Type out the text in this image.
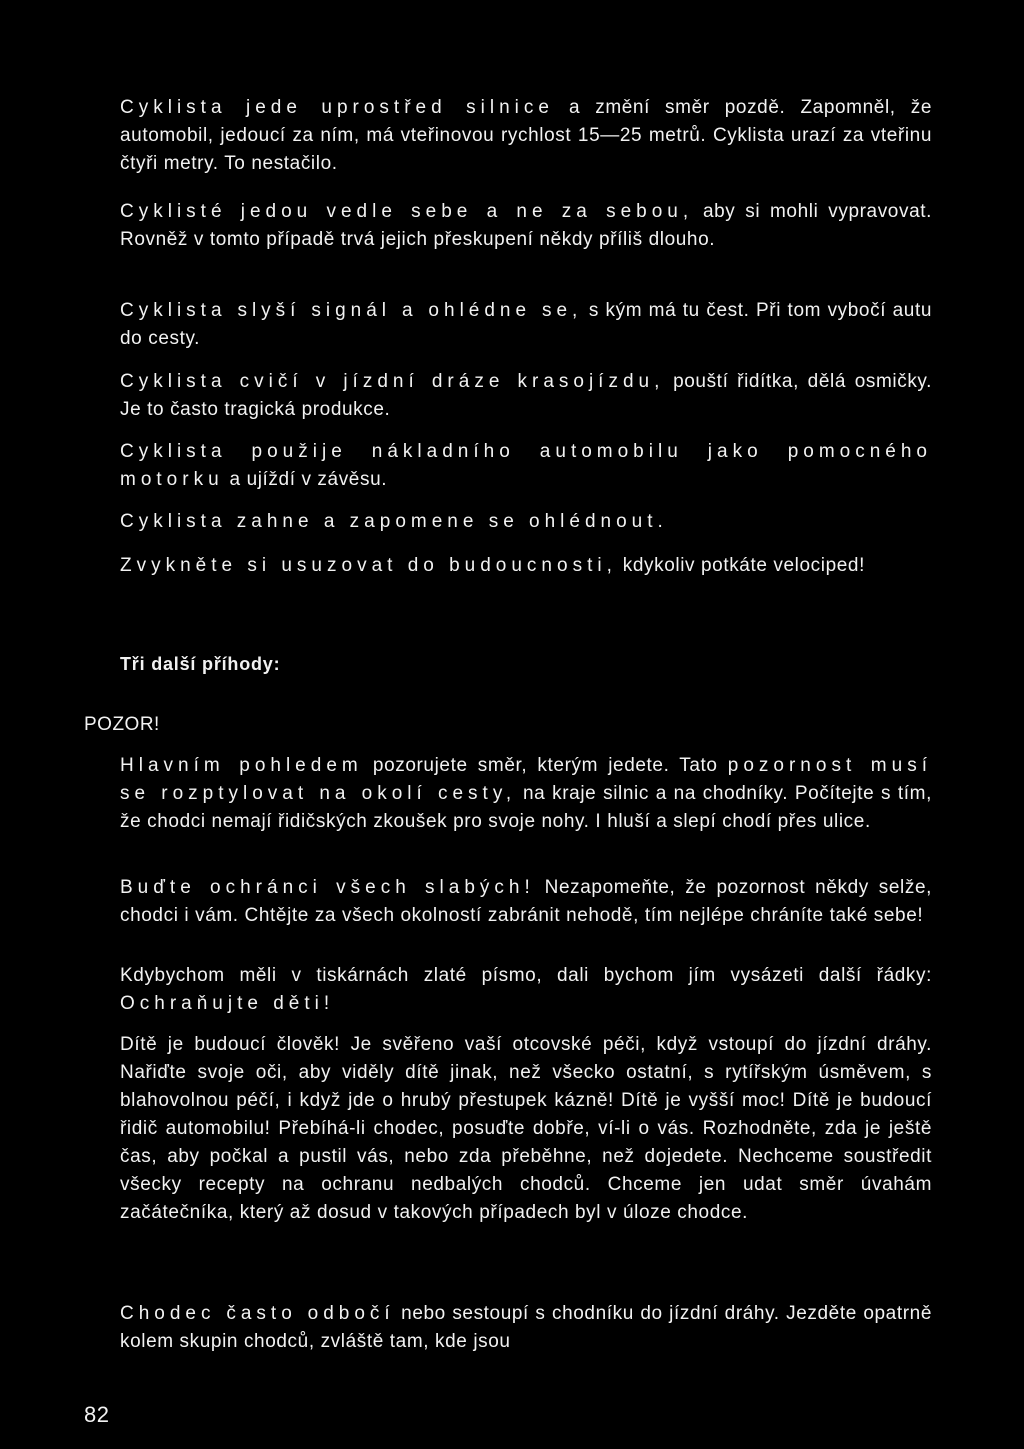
Cyklista jede uprostřed silnice a změní směr pozdě. Zapomněl, že automobil, jedoucí za ním, má vteřinovou rychlost 15—25 metrů. Cyklista urazí za vteřinu čtyři metry. To nestačilo.

Cyklisté jedou vedle sebe a ne za sebou, aby si mohli vypravovat. Rovněž v tomto případě trvá jejich přeskupení někdy příliš dlouho.

Cyklista slyší signál a ohlédne se, s kým má tu čest. Při tom vybočí autu do cesty.

Cyklista cvičí v jízdní dráze krasojízdu, pouští řidítka, dělá osmičky. Je to často tragická produkce.

Cyklista použije nákladního automobilu jako pomocného motorku a ujíždí v závěsu.

Cyklista zahne a zapomene se ohlédnout.

Zvykněte si usuzovat do budoucnosti, kdykoliv potkáte velociped!

Tři další příhody:

POZOR!

Hlavním pohledem pozorujete směr, kterým jedete. Tato pozornost musí se rozptylovat na okolí cesty, na kraje silnic a na chodníky. Počítejte s tím, že chodci nemají řidičských zkoušek pro svoje nohy. I hluší a slepí chodí přes ulice.

Buďte ochránci všech slabých! Nezapomeňte, že pozornost někdy selže, chodci i vám. Chtějte za všech okolností zabránit nehodě, tím nejlépe chráníte také sebe!

Kdybychom měli v tiskárnách zlaté písmo, dali bychom jím vysázeti další řádky: Ochraňujte děti!

Dítě je budoucí člověk! Je svěřeno vaší otcovské péči, když vstoupí do jízdní dráhy. Nařiďte svoje oči, aby viděly dítě jinak, než všecko ostatní, s rytířským úsměvem, s blahovolnou péčí, i když jde o hrubý přestupek kázně! Dítě je vyšší moc! Dítě je budoucí řidič automobilu! Přebíhá-li chodec, posuďte dobře, ví-li o vás. Rozhodněte, zda je ještě čas, aby počkal a pustil vás, nebo zda přeběhne, než dojedete. Nechceme soustředit všecky recepty na ochranu nedbalých chodců. Chceme jen udat směr úvahám začátečníka, který až dosud v takových případech byl v úloze chodce.

Chodec často odbočí nebo sestoupí s chodníku do jízdní dráhy. Jezděte opatrně kolem skupin chodců, zvláště tam, kde jsou

82
